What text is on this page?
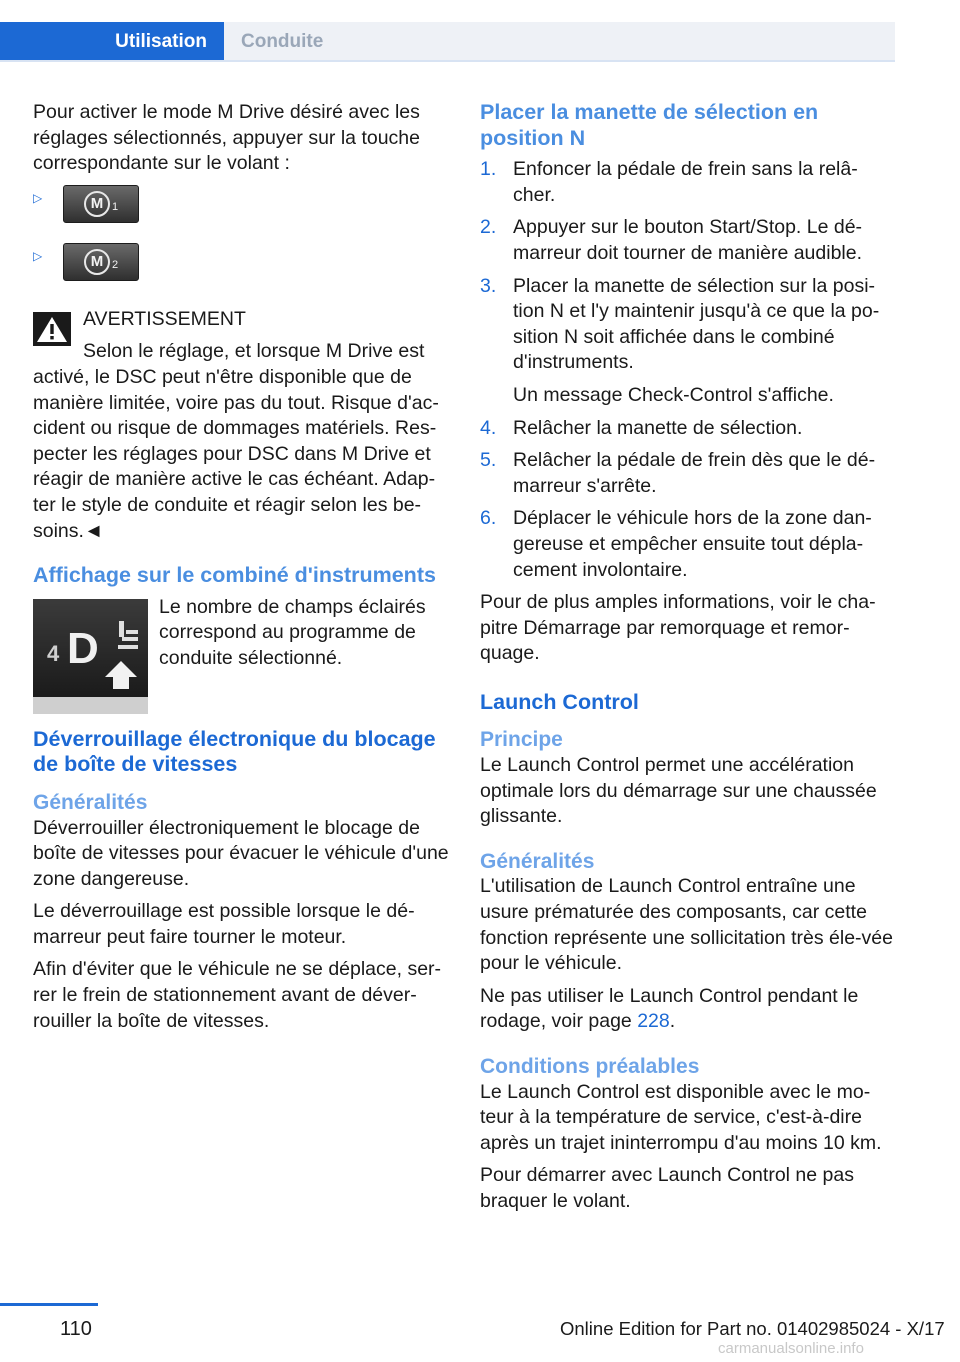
Utilisation Conduite

Pour activer le mode M Drive désiré avec les réglages sélectionnés, appuyer sur la touche correspondante sur le volant :

▷	M 1
▷	M 2

AVERTISSEMENT

Selon le réglage, et lorsque M Drive est

activé, le DSC peut n'être disponible que de manière limitée, voire pas du tout. Risque d'ac-cident ou risque de dommages matériels. Res-pecter les réglages pour DSC dans M Drive et réagir de manière active le cas échéant. Adap-ter le style de conduite et réagir selon les be-soins.◄

Affichage sur le combiné d'instruments
4 D

Le nombre de champs éclairés correspond au programme de conduite sélectionné.

Déverrouillage électronique du blocage de boîte de vitesses
Généralités

Déverrouiller électroniquement le blocage de boîte de vitesses pour évacuer le véhicule d'une zone dangereuse.

Le déverrouillage est possible lorsque le dé-marreur peut faire tourner le moteur.

Afin d'éviter que le véhicule ne se déplace, ser-rer le frein de stationnement avant de déver-rouiller la boîte de vitesses.

Placer la manette de sélection en position N
1. Enfoncer la pédale de frein sans la relâ-cher.
2. Appuyer sur le bouton Start/Stop. Le dé-marreur doit tourner de manière audible.
3. Placer la manette de sélection sur la posi-tion N et l'y maintenir jusqu'à ce que la po-sition N soit affichée dans le combiné d'instruments.
Un message Check-Control s'affiche.
4. Relâcher la manette de sélection.
5. Relâcher la pédale de frein dès que le dé-marreur s'arrête.
6. Déplacer le véhicule hors de la zone dan-gereuse et empêcher ensuite tout dépla-cement involontaire.

Pour de plus amples informations, voir le cha-pitre Démarrage par remorquage et remor-quage.

Launch Control
Principe

Le Launch Control permet une accélération optimale lors du démarrage sur une chaussée glissante.

Généralités

L'utilisation de Launch Control entraîne une usure prématurée des composants, car cette fonction représente une sollicitation très éle-vée pour le véhicule.

Ne pas utiliser le Launch Control pendant le rodage, voir page 228.

Conditions préalables

Le Launch Control est disponible avec le mo-teur à la température de service, c'est-à-dire après un trajet ininterrompu d'au moins 10 km.

Pour démarrer avec Launch Control ne pas braquer le volant.

110	Online Edition for Part no. 01402985024 - X/17
carmanualsonline.info
